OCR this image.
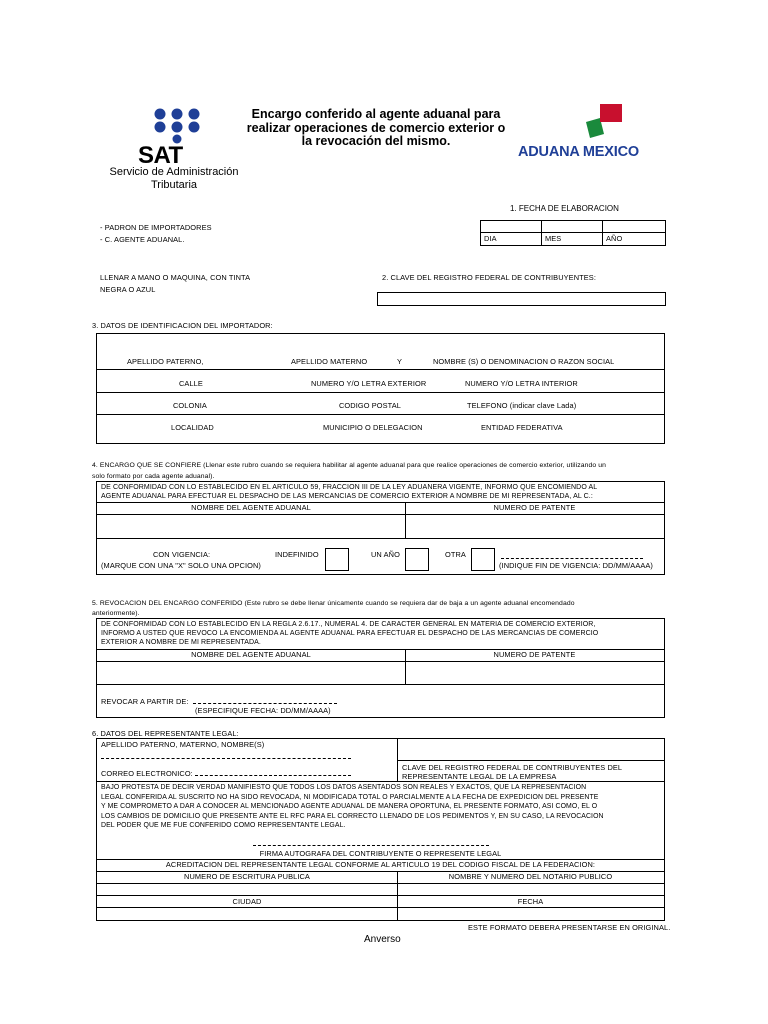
SAT
Servicio de Administración
Tributaria
Encargo conferido al agente aduanal para
realizar operaciones de comercio exterior o
la revocación del mismo.
ADUANA MEXICO
1. FECHA DE ELABORACION
DIA	MES	AÑO
- PADRON DE IMPORTADORES
- C. AGENTE ADUANAL.
LLENAR A MANO O MAQUINA, CON TINTA
NEGRA O AZUL
2. CLAVE DEL REGISTRO FEDERAL DE CONTRIBUYENTES:
3. DATOS DE IDENTIFICACION DEL IMPORTADOR:
APELLIDO PATERNO,	APELLIDO MATERNO	Y	NOMBRE (S) O DENOMINACION O RAZON SOCIAL
CALLE	NUMERO Y/O LETRA EXTERIOR	NUMERO Y/O LETRA INTERIOR
COLONIA	CODIGO POSTAL	TELEFONO (indicar clave Lada)
LOCALIDAD	MUNICIPIO O DELEGACION	ENTIDAD FEDERATIVA
4. ENCARGO QUE SE CONFIERE (Llenar este rubro cuando se requiera habilitar al agente aduanal para que realice operaciones de comercio exterior, utilizando un
solo formato por cada agente aduanal).
DE CONFORMIDAD CON LO ESTABLECIDO EN EL ARTICULO 59, FRACCION III DE LA LEY ADUANERA VIGENTE, INFORMO QUE ENCOMIENDO AL
AGENTE ADUANAL PARA EFECTUAR EL DESPACHO DE LAS MERCANCIAS DE COMERCIO EXTERIOR A NOMBRE DE MI REPRESENTADA, AL C.:
NOMBRE DEL AGENTE ADUANAL	NUMERO DE PATENTE
CON VIGENCIA:
(MARQUE CON UNA "X" SOLO UNA OPCION)
INDEFINIDO	UN AÑO	OTRA
(INDIQUE FIN DE VIGENCIA: DD/MM/AAAA)
5. REVOCACION DEL ENCARGO CONFERIDO (Este rubro se debe llenar únicamente cuando se requiera dar de baja a un agente aduanal encomendado
anteriormente).
DE CONFORMIDAD CON LO ESTABLECIDO EN LA REGLA 2.6.17., NUMERAL 4. DE CARACTER GENERAL EN MATERIA DE COMERCIO EXTERIOR,
INFORMO A USTED QUE REVOCO LA ENCOMIENDA AL AGENTE ADUANAL PARA EFECTUAR EL DESPACHO DE LAS MERCANCIAS DE COMERCIO
EXTERIOR A NOMBRE DE MI REPRESENTADA.
NOMBRE DEL AGENTE ADUANAL	NUMERO DE PATENTE
REVOCAR A PARTIR DE:
(ESPECIFIQUE FECHA: DD/MM/AAAA)
6. DATOS DEL REPRESENTANTE LEGAL:
APELLIDO PATERNO, MATERNO, NOMBRE(S)
CORREO ELECTRONICO:
CLAVE DEL REGISTRO FEDERAL DE CONTRIBUYENTES DEL
REPRESENTANTE LEGAL DE LA EMPRESA
BAJO PROTESTA DE DECIR VERDAD MANIFIESTO QUE TODOS LOS DATOS ASENTADOS SON REALES Y EXACTOS, QUE LA REPRESENTACION
LEGAL CONFERIDA AL SUSCRITO NO HA SIDO REVOCADA, NI MODIFICADA TOTAL O PARCIALMENTE A LA FECHA DE EXPEDICION DEL PRESENTE
Y ME COMPROMETO A DAR A CONOCER AL MENCIONADO AGENTE ADUANAL DE MANERA OPORTUNA, EL PRESENTE FORMATO, ASI COMO, EL O
LOS CAMBIOS DE DOMICILIO QUE PRESENTE ANTE EL RFC PARA EL CORRECTO LLENADO DE LOS PEDIMENTOS Y, EN SU CASO, LA REVOCACION
DEL PODER QUE ME FUE CONFERIDO COMO REPRESENTANTE LEGAL.
FIRMA AUTOGRAFA DEL CONTRIBUYENTE O REPRESENTE LEGAL
ACREDITACION DEL REPRESENTANTE LEGAL CONFORME AL ARTICULO 19 DEL CODIGO FISCAL DE LA FEDERACION:
NUMERO DE ESCRITURA PUBLICA	NOMBRE Y NUMERO DEL NOTARIO PUBLICO
CIUDAD	FECHA
ESTE FORMATO DEBERA PRESENTARSE EN ORIGINAL.
Anverso
